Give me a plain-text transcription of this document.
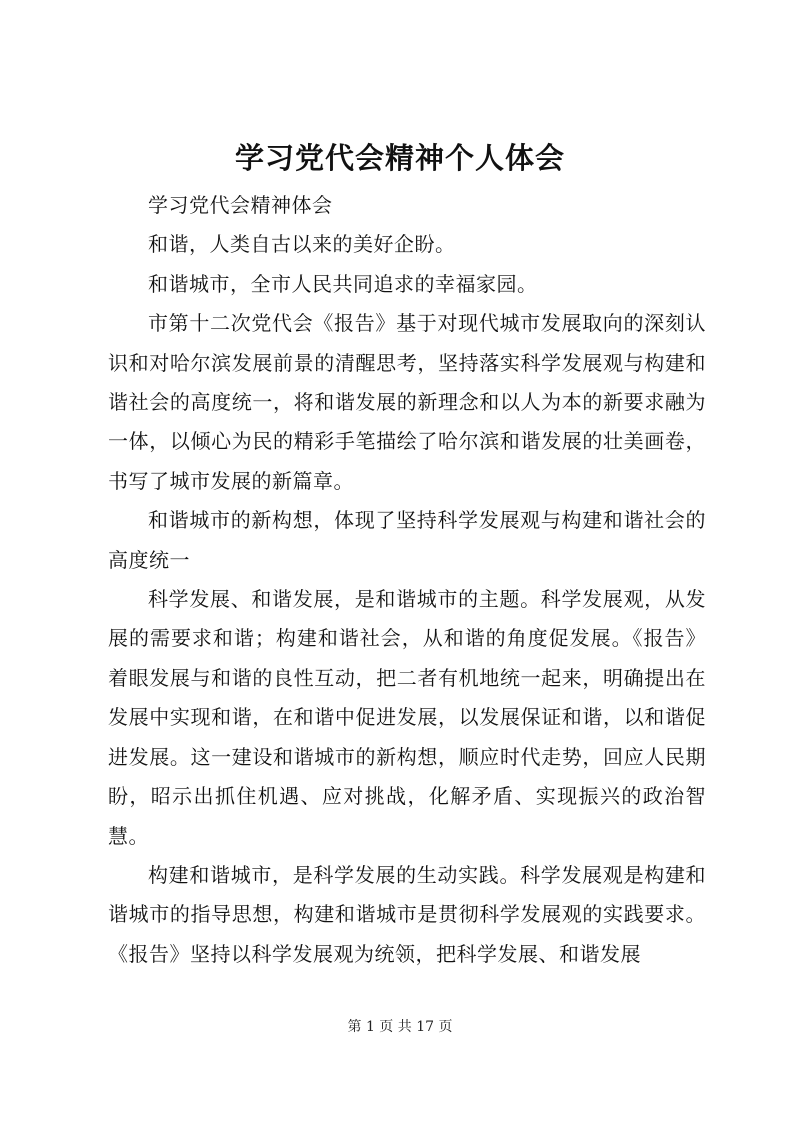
学习党代会精神个人体会

学习党代会精神体会

和谐，人类自古以来的美好企盼。

和谐城市，全市人民共同追求的幸福家园。

市第十二次党代会《报告》基于对现代城市发展取向的深刻认识和对哈尔滨发展前景的清醒思考，坚持落实科学发展观与构建和谐社会的高度统一，将和谐发展的新理念和以人为本的新要求融为一体，以倾心为民的精彩手笔描绘了哈尔滨和谐发展的壮美画卷，书写了城市发展的新篇章。

和谐城市的新构想，体现了坚持科学发展观与构建和谐社会的高度统一

科学发展、和谐发展，是和谐城市的主题。科学发展观，从发展的需要求和谐；构建和谐社会，从和谐的角度促发展。《报告》着眼发展与和谐的良性互动，把二者有机地统一起来，明确提出在发展中实现和谐，在和谐中促进发展，以发展保证和谐，以和谐促进发展。这一建设和谐城市的新构想，顺应时代走势，回应人民期盼，昭示出抓住机遇、应对挑战，化解矛盾、实现振兴的政治智慧。

构建和谐城市，是科学发展的生动实践。科学发展观是构建和谐城市的指导思想，构建和谐城市是贯彻科学发展观的实践要求。《报告》坚持以科学发展观为统领，把科学发展、和谐发展

第 1 页 共 17 页
